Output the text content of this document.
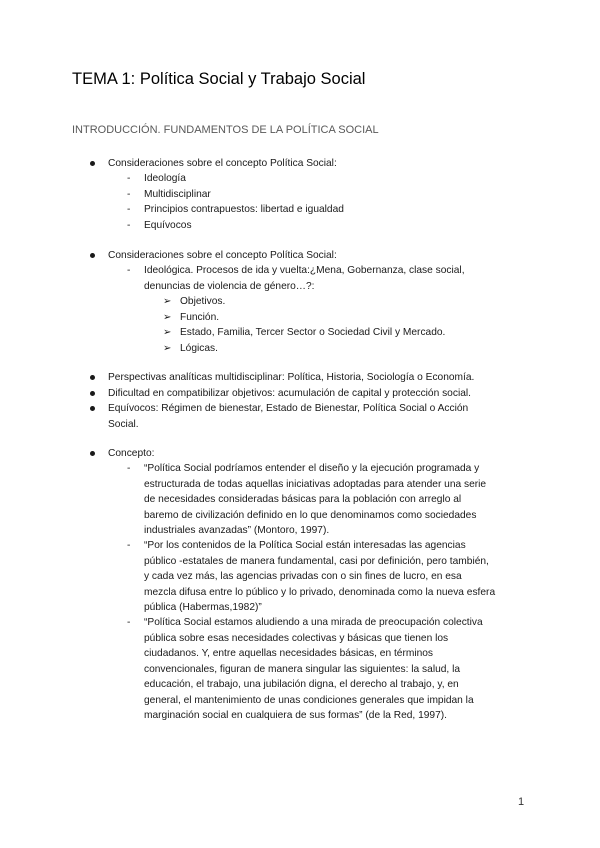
TEMA 1: Política Social y Trabajo Social
INTRODUCCIÓN. FUNDAMENTOS DE LA POLÍTICA SOCIAL
Consideraciones sobre el concepto Política Social:
- Ideología
- Multidisciplinar
- Principios contrapuestos: libertad e igualdad
- Equívocos
Consideraciones sobre el concepto Política Social:
- Ideológica. Procesos de ida y vuelta:¿Mena, Gobernanza, clase social,
denuncias de violencia de género…?:
➢ Objetivos.
➢ Función.
➢ Estado, Familia, Tercer Sector o Sociedad Civil y Mercado.
➢ Lógicas.
Perspectivas analíticas multidisciplinar: Política, Historia, Sociología o Economía.
Dificultad en compatibilizar objetivos: acumulación de capital y protección social.
Equívocos: Régimen de bienestar, Estado de Bienestar, Política Social o Acción
Social.
Concepto:
- “Política Social podríamos entender el diseño y la ejecución programada y
estructurada de todas aquellas iniciativas adoptadas para atender una serie
de necesidades consideradas básicas para la población con arreglo al
baremo de civilización definido en lo que denominamos como sociedades
industriales avanzadas” (Montoro, 1997).
- “Por los contenidos de la Política Social están interesadas las agencias
público -estatales de manera fundamental, casi por definición, pero también,
y cada vez más, las agencias privadas con o sin fines de lucro, en esa
mezcla difusa entre lo público y lo privado, denominada como la nueva esfera
pública (Habermas,1982)”
- “Política Social estamos aludiendo a una mirada de preocupación colectiva
pública sobre esas necesidades colectivas y básicas que tienen los
ciudadanos. Y, entre aquellas necesidades básicas, en términos
convencionales, figuran de manera singular las siguientes: la salud, la
educación, el trabajo, una jubilación digna, el derecho al trabajo, y, en
general, el mantenimiento de unas condiciones generales que impidan la
marginación social en cualquiera de sus formas” (de la Red, 1997).
1
